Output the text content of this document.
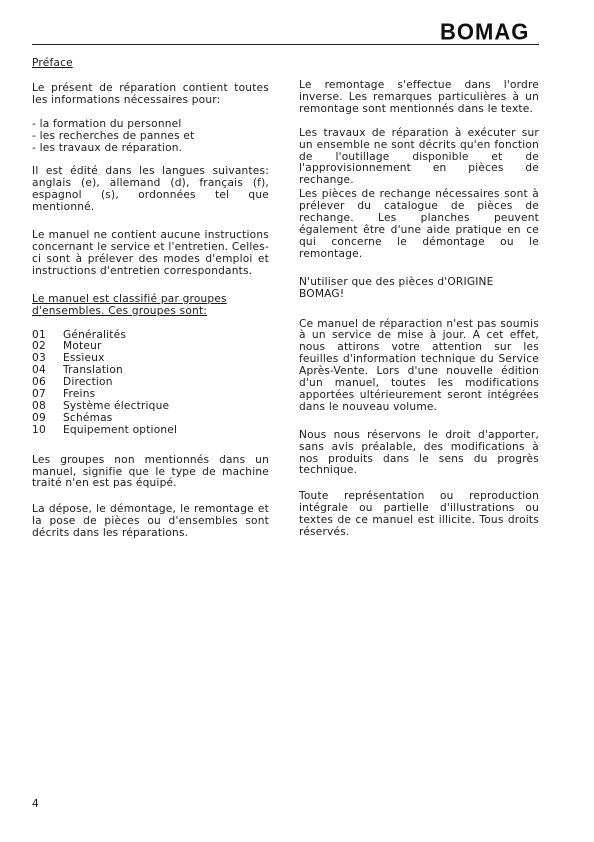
BOMAG
Préface

Le présent de réparation contient toutes les informations nécessaires pour:

- la formation du personnel
- les recherches de pannes et
- les travaux de réparation.

Il est édité dans les langues suivantes: anglais (e), allemand (d), français (f), espagnol (s), ordonnées tel que mentionné.

Le manuel ne contient aucune instructions concernant le service et l'entretien. Celles-ci sont à prélever des modes d'emploi et instructions d'entretien correspondants.

Le manuel est classifié par groupes d'ensembles. Ces groupes sont:

01	Généralités
02	Moteur
03	Essieux
04	Translation
06	Direction
07	Freins
08	Système électrique
09	Schémas
10	Equipement optionel

Les groupes non mentionnés dans un manuel, signifie que le type de machine traité n'en est pas équipé.

La dépose, le démontage, le remontage et la pose de pièces ou d'ensembles sont décrits dans les réparations.

Le remontage s'effectue dans l'ordre inverse. Les remarques particulières à un remontage sont mentionnés dans le texte.

Les travaux de réparation à exécuter sur un ensemble ne sont décrits qu'en fonction de l'outillage disponible et de l'approvisionnement en pièces de rechange.

Les pièces de rechange nécessaires sont à prélever du catalogue de pièces de rechange. Les planches peuvent également être d'une aide pratique en ce qui concerne le démontage ou le remontage.

N'utiliser que des pièces d'ORIGINE BOMAG!

Ce manuel de réparaction n'est pas soumis à un service de mise à jour. A cet effet, nous attirons votre attention sur les feuilles d'information technique du Service Après-Vente. Lors d'une nouvelle édition d'un manuel, toutes les modifications apportées ultérieurement seront intégrées dans le nouveau volume.

Nous nous réservons le droit d'apporter, sans avis préalable, des modifications à nos produits dans le sens du progrès technique.

Toute représentation ou reproduction intégrale ou partielle d'illustrations ou textes de ce manuel est illicite. Tous droits réservés.

4
